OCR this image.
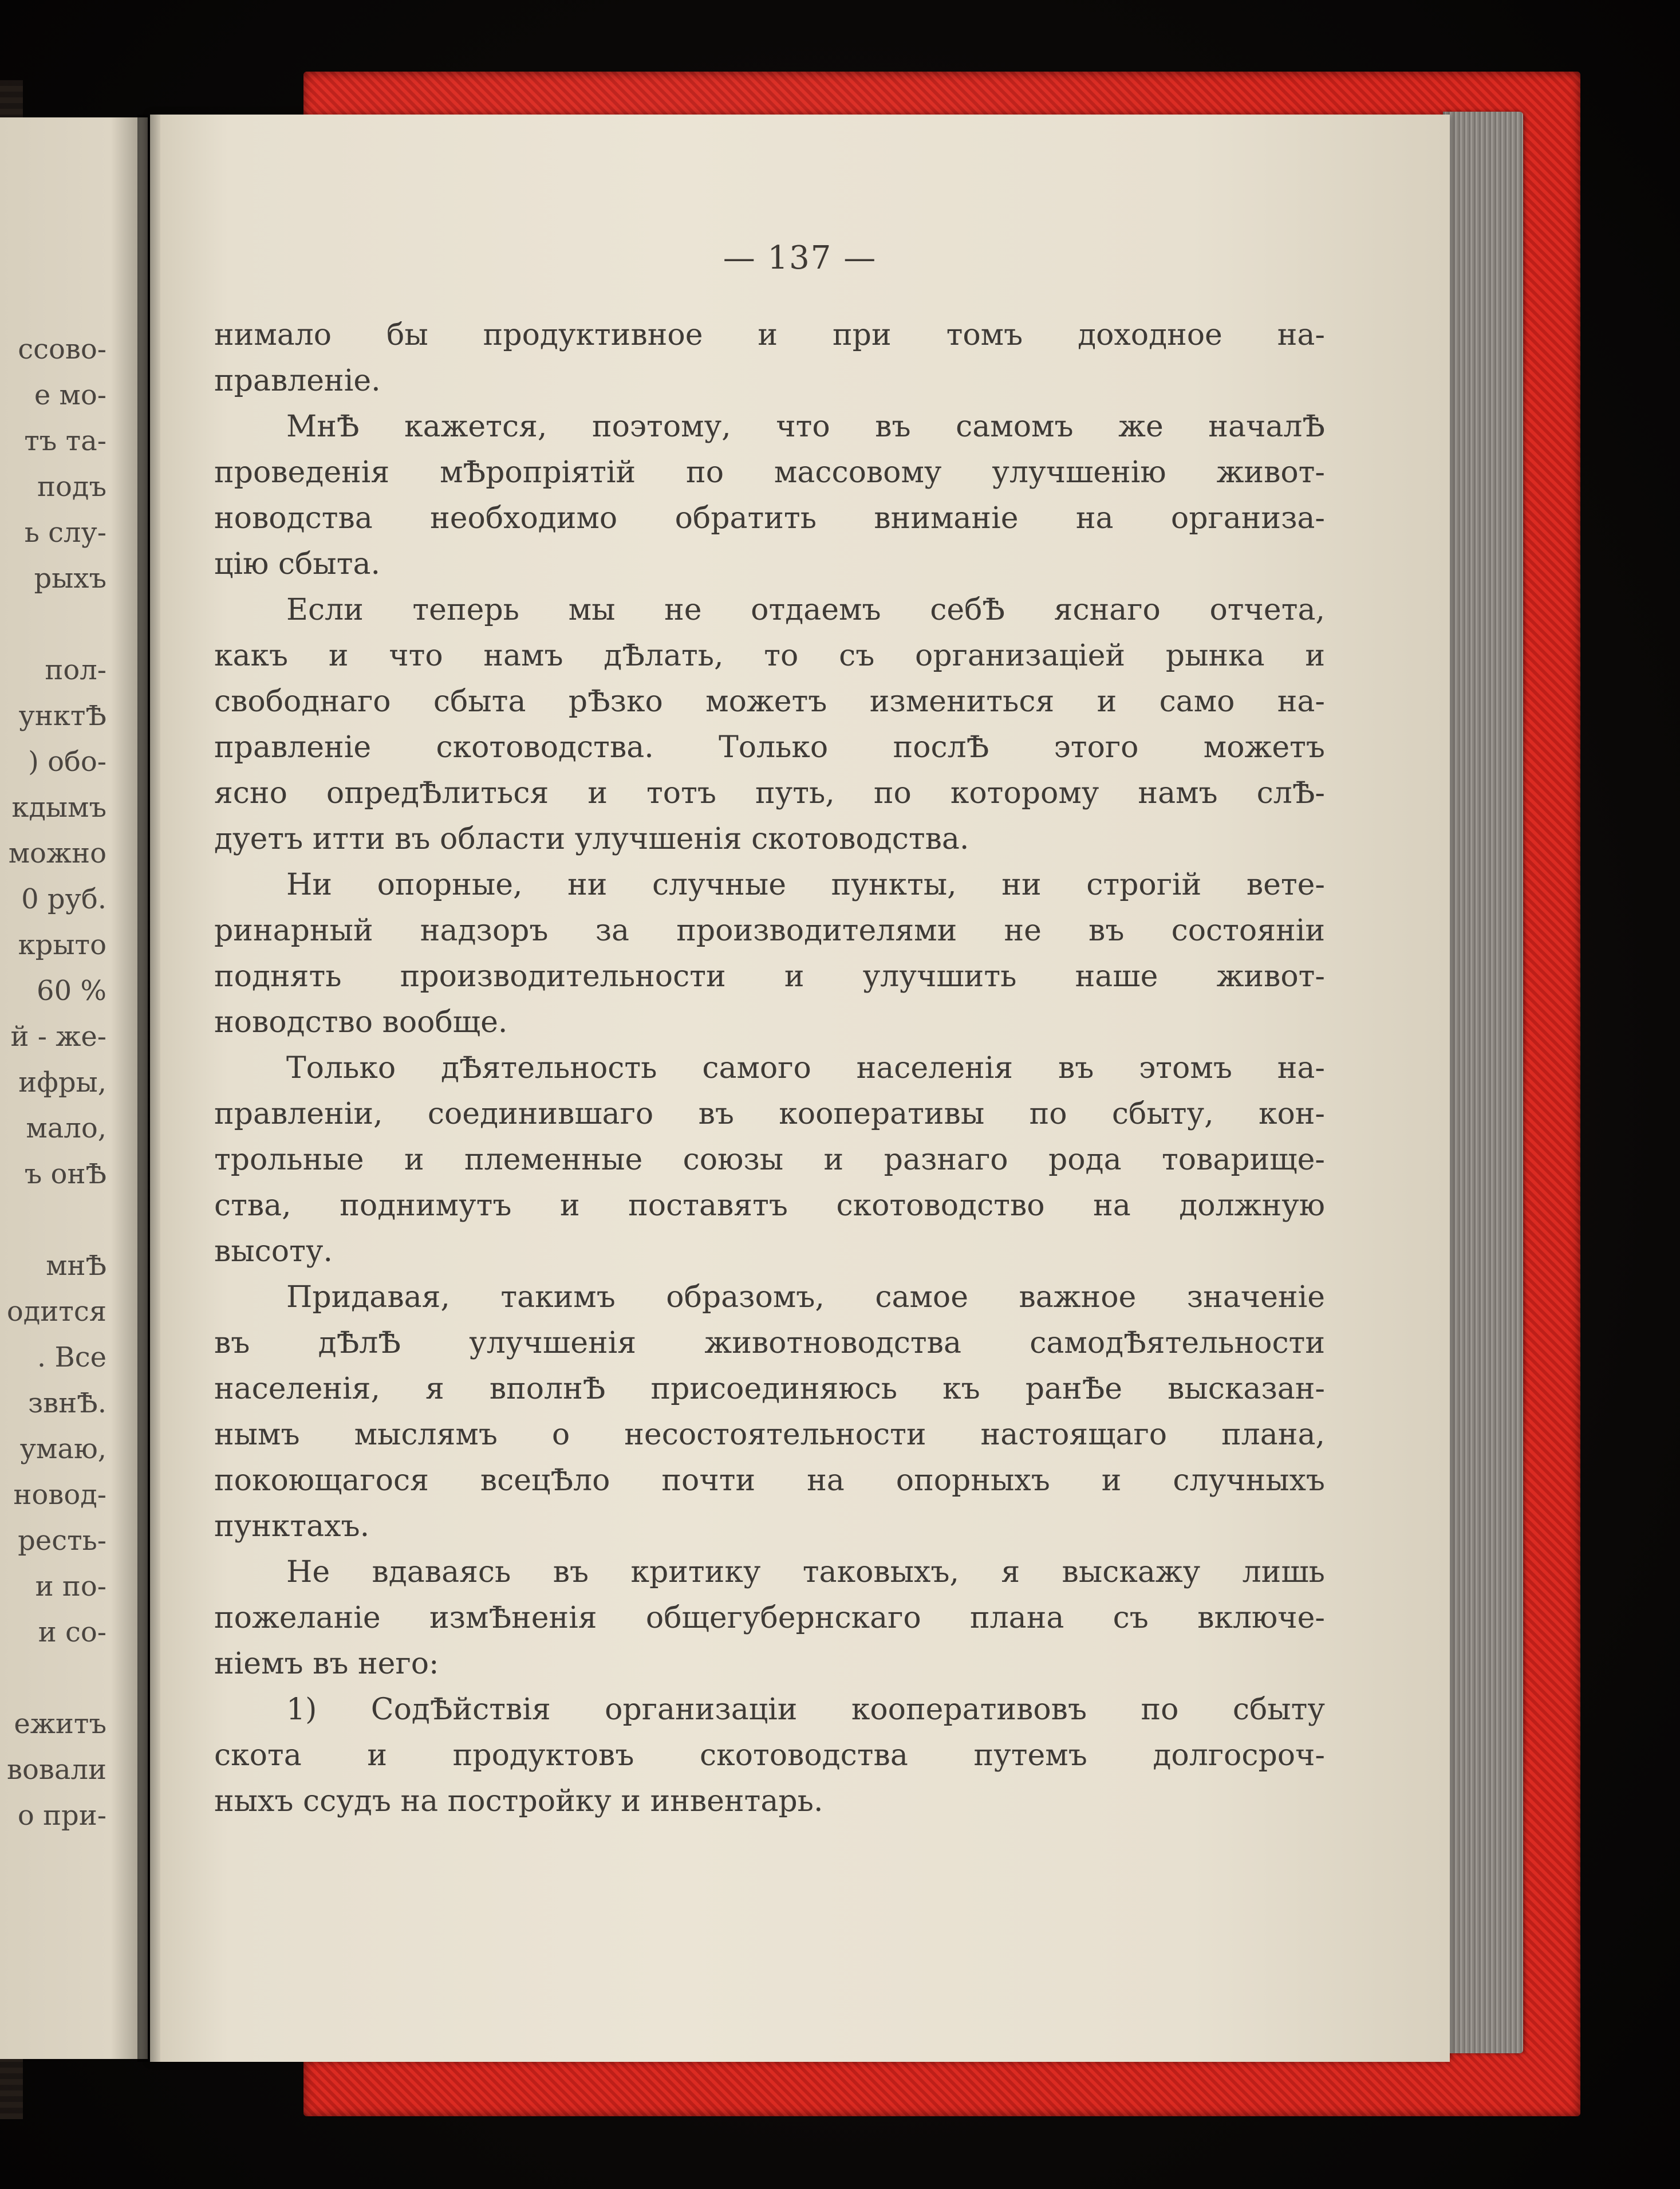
ссово-
е мо-
тъ та-
подъ
ь слу-
рыхъ
пол-
унктѢ
) обо-
кдымъ
можно
0 руб.
крыто
60 %
й - же-
ифры,
мало,
ъ онѢ
мнѢ
одится
. Все
звнѢ.
умаю,
новод-
ресть-
и по-
и со-
ежитъ
вовали
о при-
— 137 —
нимало бы продуктивное и при томъ доходное на-
правленіе.
МнѢ кажется, поэтому, что въ самомъ же началѢ
проведенія мѢропріятій по массовому улучшенію живот-
новодства необходимо обратить вниманіе на организа-
цію сбыта.
Если теперь мы не отдаемъ себѢ яснаго отчета,
какъ и что намъ дѢлать, то съ организаціей рынка и
свободнаго сбыта рѢзко можетъ измениться и само на-
правленіе скотоводства. Только послѢ этого можетъ
ясно опредѢлиться и тотъ путь, по которому намъ слѢ-
дуетъ итти въ области улучшенія скотоводства.
Ни опорные, ни случные пункты, ни строгій вете-
ринарный надзоръ за производителями не въ состояніи
поднять производительности и улучшить наше живот-
новодство вообще.
Только дѢятельность самого населенія въ этомъ на-
правленіи, соединившаго въ кооперативы по сбыту, кон-
трольные и племенные союзы и разнаго рода товарище-
ства, поднимутъ и поставятъ скотоводство на должную
высоту.
Придавая, такимъ образомъ, самое важное значеніе
въ дѢлѢ улучшенія животноводства самодѢятельности
населенія, я вполнѢ присоединяюсь къ ранѢе высказан-
нымъ мыслямъ о несостоятельности настоящаго плана,
покоющагося всецѢло почти на опорныхъ и случныхъ
пунктахъ.
Не вдаваясь въ критику таковыхъ, я выскажу лишь
пожеланіе измѢненія общегубернскаго плана съ включе-
ніемъ въ него:
1) СодѢйствія организаціи кооперативовъ по сбыту
скота и продуктовъ скотоводства путемъ долгосроч-
ныхъ ссудъ на постройку и инвентарь.
